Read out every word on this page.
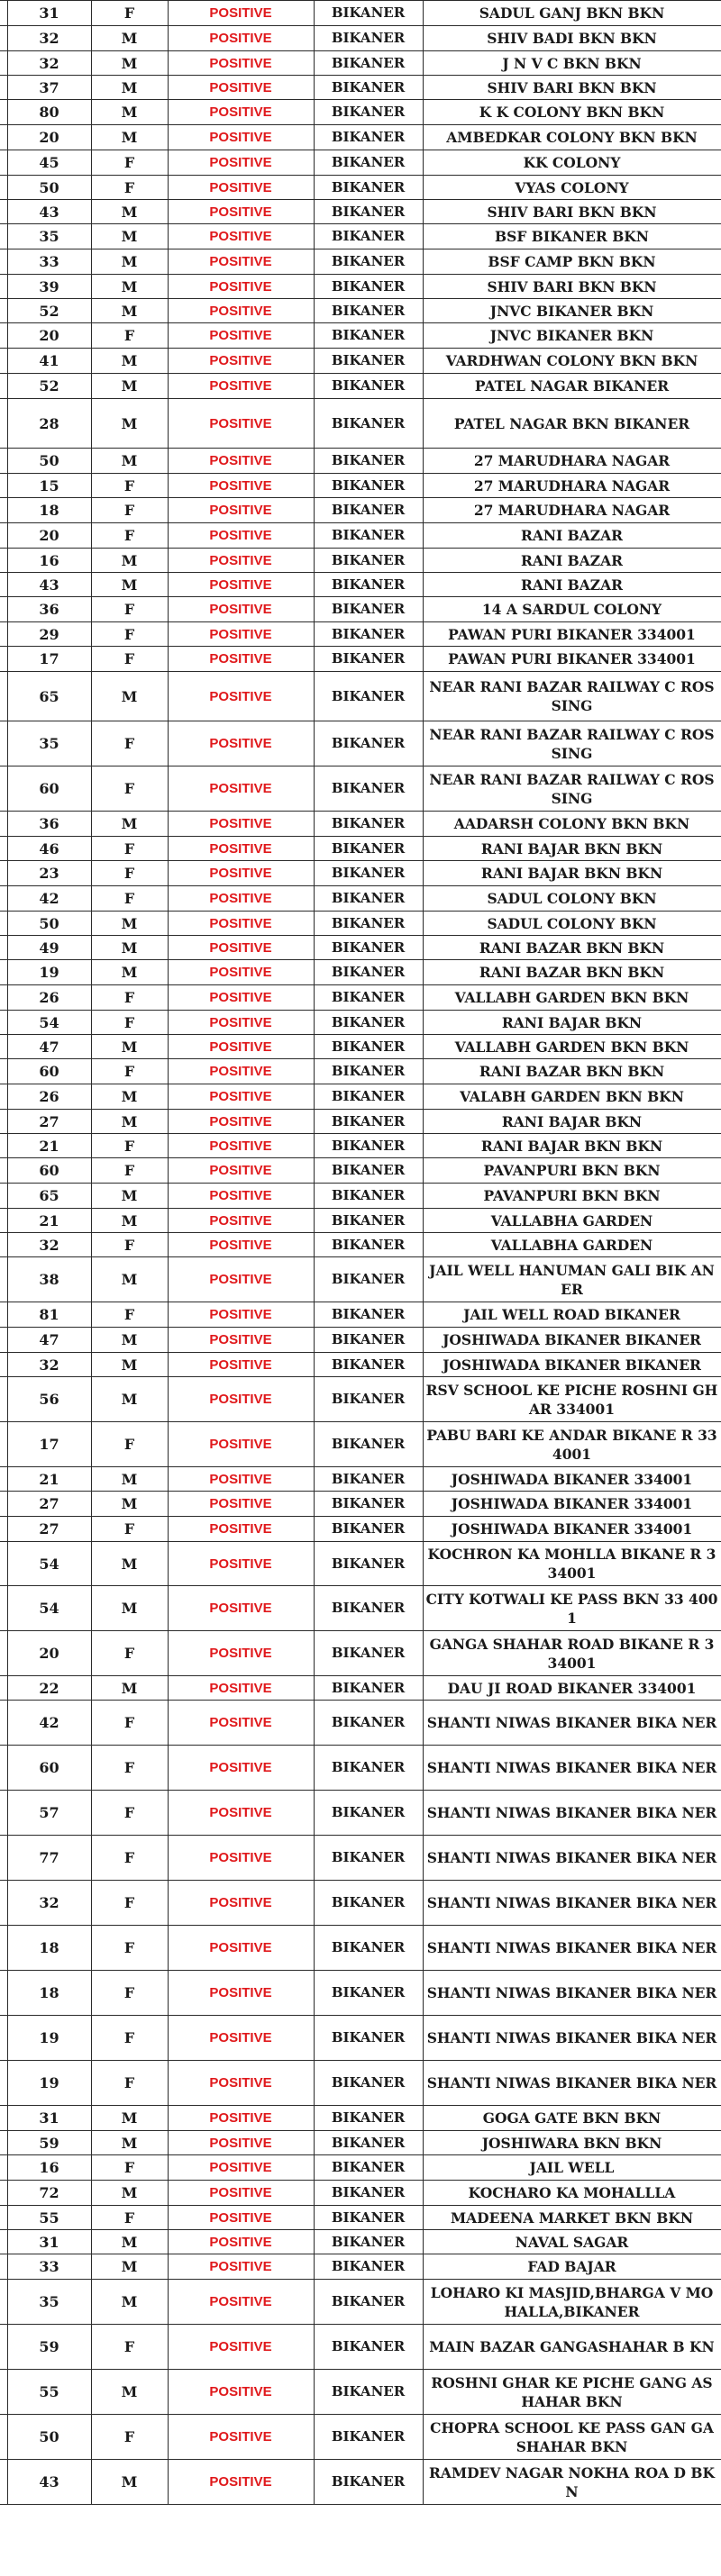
	31	F	POSITIVE	BIKANER	SADUL GANJ BKN BKN
	32	M	POSITIVE	BIKANER	SHIV BADI BKN BKN
	32	M	POSITIVE	BIKANER	J N V C BKN BKN
	37	M	POSITIVE	BIKANER	SHIV BARI BKN BKN
	80	M	POSITIVE	BIKANER	K K COLONY BKN BKN
	20	M	POSITIVE	BIKANER	AMBEDKAR COLONY BKN BKN
	45	F	POSITIVE	BIKANER	KK COLONY
	50	F	POSITIVE	BIKANER	VYAS COLONY
	43	M	POSITIVE	BIKANER	SHIV BARI BKN BKN
	35	M	POSITIVE	BIKANER	BSF BIKANER BKN
	33	M	POSITIVE	BIKANER	BSF CAMP BKN BKN
	39	M	POSITIVE	BIKANER	SHIV BARI BKN BKN
	52	M	POSITIVE	BIKANER	JNVC BIKANER BKN
	20	F	POSITIVE	BIKANER	JNVC BIKANER BKN
	41	M	POSITIVE	BIKANER	VARDHWAN COLONY BKN BKN
	52	M	POSITIVE	BIKANER	PATEL NAGAR BIKANER
	28	M	POSITIVE	BIKANER	PATEL NAGAR BKN BIKANER
	50	M	POSITIVE	BIKANER	27 MARUDHARA NAGAR
	15	F	POSITIVE	BIKANER	27 MARUDHARA NAGAR
	18	F	POSITIVE	BIKANER	27 MARUDHARA NAGAR
	20	F	POSITIVE	BIKANER	RANI BAZAR
	16	M	POSITIVE	BIKANER	RANI BAZAR
	43	M	POSITIVE	BIKANER	RANI BAZAR
	36	F	POSITIVE	BIKANER	14 A SARDUL COLONY
	29	F	POSITIVE	BIKANER	PAWAN PURI BIKANER 334001
	17	F	POSITIVE	BIKANER	PAWAN PURI BIKANER 334001
	65	M	POSITIVE	BIKANER	NEAR RANI BAZAR RAILWAY C ROSSING
	35	F	POSITIVE	BIKANER	NEAR RANI BAZAR RAILWAY C ROSSING
	60	F	POSITIVE	BIKANER	NEAR RANI BAZAR RAILWAY C ROSSING
	36	M	POSITIVE	BIKANER	AADARSH COLONY BKN BKN
	46	F	POSITIVE	BIKANER	RANI BAJAR BKN BKN
	23	F	POSITIVE	BIKANER	RANI BAJAR BKN BKN
	42	F	POSITIVE	BIKANER	SADUL COLONY BKN
	50	M	POSITIVE	BIKANER	SADUL COLONY BKN
	49	M	POSITIVE	BIKANER	RANI BAZAR BKN BKN
	19	M	POSITIVE	BIKANER	RANI BAZAR BKN BKN
	26	F	POSITIVE	BIKANER	VALLABH GARDEN BKN BKN
	54	F	POSITIVE	BIKANER	RANI BAJAR BKN
	47	M	POSITIVE	BIKANER	VALLABH GARDEN BKN BKN
	60	F	POSITIVE	BIKANER	RANI BAZAR BKN BKN
	26	M	POSITIVE	BIKANER	VALABH GARDEN BKN BKN
	27	M	POSITIVE	BIKANER	RANI BAJAR BKN
	21	F	POSITIVE	BIKANER	RANI BAJAR BKN BKN
	60	F	POSITIVE	BIKANER	PAVANPURI BKN BKN
	65	M	POSITIVE	BIKANER	PAVANPURI BKN BKN
	21	M	POSITIVE	BIKANER	VALLABHA GARDEN
	32	F	POSITIVE	BIKANER	VALLABHA GARDEN
	38	M	POSITIVE	BIKANER	JAIL WELL HANUMAN GALI BIK ANER
	81	F	POSITIVE	BIKANER	JAIL WELL ROAD BIKANER
	47	M	POSITIVE	BIKANER	JOSHIWADA BIKANER BIKANER
	32	M	POSITIVE	BIKANER	JOSHIWADA BIKANER BIKANER
	56	M	POSITIVE	BIKANER	RSV SCHOOL KE PICHE ROSHNI GHAR 334001
	17	F	POSITIVE	BIKANER	PABU BARI KE ANDAR BIKANE R 334001
	21	M	POSITIVE	BIKANER	JOSHIWADA BIKANER 334001
	27	M	POSITIVE	BIKANER	JOSHIWADA BIKANER 334001
	27	F	POSITIVE	BIKANER	JOSHIWADA BIKANER 334001
	54	M	POSITIVE	BIKANER	KOCHRON KA MOHLLA BIKANE R 334001
	54	M	POSITIVE	BIKANER	CITY KOTWALI KE PASS BKN 33 4001
	20	F	POSITIVE	BIKANER	GANGA SHAHAR ROAD BIKANE R 334001
	22	M	POSITIVE	BIKANER	DAU JI ROAD BIKANER 334001
	42	F	POSITIVE	BIKANER	SHANTI NIWAS BIKANER BIKA NER
	60	F	POSITIVE	BIKANER	SHANTI NIWAS BIKANER BIKA NER
	57	F	POSITIVE	BIKANER	SHANTI NIWAS BIKANER BIKA NER
	77	F	POSITIVE	BIKANER	SHANTI NIWAS BIKANER BIKA NER
	32	F	POSITIVE	BIKANER	SHANTI NIWAS BIKANER BIKA NER
	18	F	POSITIVE	BIKANER	SHANTI NIWAS BIKANER BIKA NER
	18	F	POSITIVE	BIKANER	SHANTI NIWAS BIKANER BIKA NER
	19	F	POSITIVE	BIKANER	SHANTI NIWAS BIKANER BIKA NER
	19	F	POSITIVE	BIKANER	SHANTI NIWAS BIKANER BIKA NER
	31	M	POSITIVE	BIKANER	GOGA GATE BKN BKN
	59	M	POSITIVE	BIKANER	JOSHIWARA BKN BKN
	16	F	POSITIVE	BIKANER	JAIL WELL
	72	M	POSITIVE	BIKANER	KOCHARO KA MOHALLLA
	55	F	POSITIVE	BIKANER	MADEENA MARKET BKN BKN
	31	M	POSITIVE	BIKANER	NAVAL SAGAR
	33	M	POSITIVE	BIKANER	FAD BAJAR
	35	M	POSITIVE	BIKANER	LOHARO KI MASJID,BHARGA V MOHALLA,BIKANER
	59	F	POSITIVE	BIKANER	MAIN BAZAR GANGASHAHAR B KN
	55	M	POSITIVE	BIKANER	ROSHNI GHAR KE PICHE GANG ASHAHAR BKN
	50	F	POSITIVE	BIKANER	CHOPRA SCHOOL KE PASS GAN GASHAHAR BKN
	43	M	POSITIVE	BIKANER	RAMDEV NAGAR NOKHA ROA D BKN
